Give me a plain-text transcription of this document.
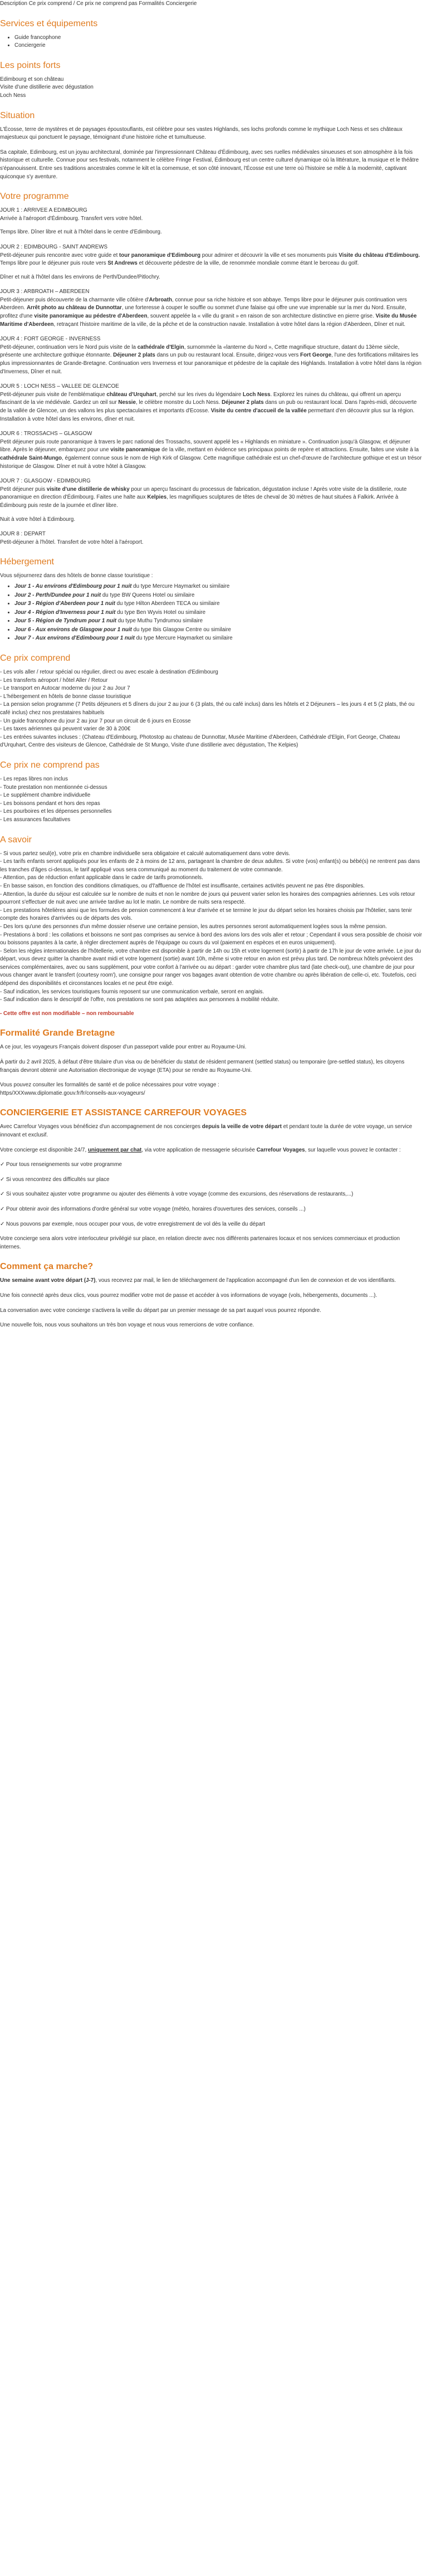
Description Ce prix comprend / Ce prix ne comprend pas Formalités Conciergerie

Services et équipements
• Guide francophone
• Conciergerie
Les points forts

Edimbourg et son château
Visite d'une distillerie avec dégustation
Loch Ness

Situation

L'Écosse, terre de mystères et de paysages époustouflants, est célèbre pour ses vastes Highlands, ses lochs profonds comme le mythique Loch Ness et ses châteaux majestueux qui ponctuent le paysage, témoignant d'une histoire riche et tumultueuse.

Sa capitale, Edimbourg, est un joyau architectural, dominée par l'impressionnant Château d'Édimbourg, avec ses ruelles médiévales sinueuses et son atmosphère à la fois historique et culturelle. Connue pour ses festivals, notamment le célèbre Fringe Festival, Édimbourg est un centre culturel dynamique où la littérature, la musique et le théâtre s'épanouissent. Entre ses traditions ancestrales comme le kilt et la cornemuse, et son côté innovant, l'Écosse est une terre où l'histoire se mêle à la modernité, captivant quiconque s'y aventure.

Votre programme
JOUR 1 : ARRIVEE A EDIMBOURG

Arrivée à l'aéroport d'Édimbourg. Transfert vers votre hôtel.

Temps libre. Dîner libre et nuit à l'hôtel dans le centre d'Edimbourg.

JOUR 2 : EDIMBOURG - SAINT ANDREWS

Petit-déjeuner puis rencontre avec votre guide et tour panoramique d'Edimbourg pour admirer et découvrir la ville et ses monuments puis Visite du château d'Edimbourg. Temps libre pour le déjeuner puis route vers St Andrews et découverte pédestre de la ville, de renommée mondiale comme étant le berceau du golf.

Dîner et nuit à l'hôtel dans les environs de Perth/Dundee/Pitlochry.

JOUR 3 : ARBROATH – ABERDEEN

Petit-déjeuner puis découverte de la charmante ville côtière d'Arbroath, connue pour sa riche histoire et son abbaye. Temps libre pour le déjeuner puis continuation vers Aberdeen. Arrêt photo au château de Dunnottar, une forteresse à couper le souffle ou sommet d'une falaise qui offre une vue imprenable sur la mer du Nord. Ensuite, profitez d'une visite panoramique au pédestre d'Aberdeen, souvent appelée la « ville du granit » en raison de son architecture distinctive en pierre grise. Visite du Musée Maritime d'Aberdeen, retraçant l'histoire maritime de la ville, de la pêche et de la construction navale. Installation à votre hôtel dans la région d'Aberdeen, Dîner et nuit.

JOUR 4 : FORT GEORGE - INVERNESS

Petit-déjeuner, continuation vers le Nord puis visite de la cathédrale d'Elgin, surnommée la «lanterne du Nord », Cette magnifique structure, datant du 13ème siècle, présente une architecture gothique étonnante. Déjeuner 2 plats dans un pub ou restaurant local. Ensuite, dirigez-vous vers Fort George, l'une des fortifications militaires les plus impressionnantes de Grande-Bretagne. Continuation vers Inverness et tour panoramique et pédestre de la capitale des Highlands. Installation à votre hôtel dans la région d'Inverness, Dîner et nuit.

JOUR 5 : LOCH NESS – VALLEE DE GLENCOE

Petit-déjeuner puis visite de l'emblématique château d'Urquhart, perché sur les rives du légendaire Loch Ness. Explorez les ruines du château, qui offrent un aperçu fascinant de la vie médiévale. Gardez un œil sur Nessie, le célèbre monstre du Loch Ness. Déjeuner 2 plats dans un pub ou restaurant local. Dans l'après-midi, découverte de la vallée de Glencoe, un des vallons les plus spectaculaires et importants d'Ecosse. Visite du centre d'accueil de la vallée permettant d'en découvrir plus sur la région. Installation à votre hôtel dans les environs, dîner et nuit.

JOUR 6 : TROSSACHS – GLASGOW

Petit déjeuner puis route panoramique à travers le parc national des Trossachs, souvent appelé les « Highlands en miniature ». Continuation jusqu'à Glasgow, et déjeuner libre. Après le déjeuner, embarquez pour une visite panoramique de la ville, mettant en évidence ses principaux points de repère et attractions. Ensuite, faites une visite à la cathédrale Saint-Mungo, également connue sous le nom de High Kirk of Glasgow. Cette magnifique cathédrale est un chef-d'œuvre de l'architecture gothique et est un trésor historique de Glasgow. Dîner et nuit à votre hôtel à Glasgow.

JOUR 7 : GLASGOW - EDIMBOURG

Petit déjeuner puis visite d'une distillerie de whisky pour un aperçu fascinant du processus de fabrication, dégustation incluse ! Après votre visite de la distillerie, route panoramique en direction d'Édimbourg. Faites une halte aux Kelpies, les magnifiques sculptures de têtes de cheval de 30 mètres de haut situées à Falkirk. Arrivée à Édimbourg puis reste de la journée et dîner libre.

Nuit à votre hôtel à Edimbourg.

JOUR 8 : DEPART

Petit-déjeuner à l'hôtel. Transfert de votre hôtel à l'aéroport.

Hébergement

Vous séjournerez dans des hôtels de bonne classe touristique :

• Jour 1 - Au environs d'Edimbourg pour 1 nuit du type Mercure Haymarket ou similaire
• Jour 2 - Perth/Dundee pour 1 nuit du type BW Queens Hotel ou similaire
• Jour 3 - Région d'Aberdeen pour 1 nuit du type Hilton Aberdeen TECA ou similaire
• Jour 4 - Région d'Inverness pour 1 nuit du type Ben Wyvis Hotel ou similaire
• Jour 5 - Région de Tyndrum pour 1 nuit du type Muthu Tyndrumou similaire
• Jour 6 - Aux environs de Glasgow pour 1 nuit du type Ibis Glasgow Centre ou similaire
• Jour 7 - Aux environs d'Edimbourg pour 1 nuit du type Mercure Haymarket ou similaire
Ce prix comprend
- Les vols aller / retour spécial ou régulier, direct ou avec escale à destination d'Edimbourg
- Les transferts aéroport / hôtel Aller / Retour
- Le transport en Autocar moderne du jour 2 au Jour 7
- L'hébergement en hôtels de bonne classe touristique
- La pension selon programme (7 Petits déjeuners et 5 dîners du jour 2 au jour 6 (3 plats, thé ou café inclus) dans les hôtels et 2 Déjeuners – les jours 4 et 5 (2 plats, thé ou café inclus) chez nos prestataires habituels
- Un guide francophone du jour 2 au jour 7 pour un circuit de 6 jours en Ecosse
- Les taxes aériennes qui peuvent varier de 30 à 200€
- Les entrées suivantes incluses : (Chateau d'Edimbourg, Photostop au chateau de Dunnottar, Musée Maritime d'Aberdeen, Cathédrale d'Elgin, Fort George, Chateau d'Urquhart, Centre des visiteurs de Glencoe, Cathédrale de St Mungo, Visite d'une distillerie avec dégustation, The Kelpies)
Ce prix ne comprend pas
- Les repas libres non inclus
- Toute prestation non mentionnée ci-dessus
- Le supplément chambre individuelle
- Les boissons pendant et hors des repas
- Les pourboires et les dépenses personnelles
- Les assurances facultatives
A savoir
- Si vous partez seul(e), votre prix en chambre individuelle sera obligatoire et calculé automatiquement dans votre devis.
- Les tarifs enfants seront appliqués pour les enfants de 2 à moins de 12 ans, partageant la chambre de deux adultes. Si votre (vos) enfant(s) ou bébé(s) ne rentrent pas dans les tranches d'âges ci-dessus, le tarif appliqué vous sera communiqué au moment du traitement de votre commande.
- Attention, pas de réduction enfant applicable dans le cadre de tarifs promotionnels.
- En basse saison, en fonction des conditions climatiques, ou d'l'affluence de l'hôtel est insuffisante, certaines activités peuvent ne pas être disponibles.
- Attention, la durée du séjour est calculée sur le nombre de nuits et non le nombre de jours qui peuvent varier selon les horaires des compagnies aériennes. Les vols retour pourront s'effectuer de nuit avec une arrivée tardive au lot le matin. Le nombre de nuits sera respecté.
- Les prestations hôtelières ainsi que les formules de pension commencent à leur d'arrivée et se termine le jour du départ selon les horaires choisis par l'hôtelier, sans tenir compte des horaires d'arrivées ou de départs des vols.
- Des lors qu'une des personnes d'un même dossier réserve une certaine pension, les autres personnes seront automatiquement logées sous la même pension.
- Prestations à bord : les collations et boissons ne sont pas comprises au service à bord des avions lors des vols aller et retour ; Cependant il vous sera possible de choisir voir ou boissons payantes à la carte, à régler directement auprès de l'équipage ou cours du vol (paiement en espèces et en euros uniquement).
- Selon les règles internationales de l'hôtellerie, votre chambre est disponible à partir de 14h ou 15h et votre logement (sortir) à partir de 17h le jour de votre arrivée. Le jour du départ, vous devez quitter la chambre avant midi et votre logement (sortie) avant 10h, même si votre retour en avion est prévu plus tard. De nombreux hôtels prévoient des services complémentaires, avec ou sans supplément, pour votre confort à l'arrivée ou au départ : garder votre chambre plus tard (late check-out), une chambre de jour pour vous changer avant le transfert (courtesy room'), une consigne pour ranger vos bagages avant obtention de votre chambre ou après libération de celle-ci, etc. Toutefois, ceci dépend des disponibilités et circonstances locales et ne peut être exigé.
- Sauf indication, les services touristiques fournis reposent sur une communication verbale, seront en anglais.
- Sauf indication dans le descriptif de l'offre, nos prestations ne sont pas adaptées aux personnes à mobilité réduite.

- Cette offre est non modifiable – non remboursable

Formalité Grande Bretagne

A ce jour, les voyageurs Français doivent disposer d'un passeport valide pour entrer au Royaume-Uni.

À partir du 2 avril 2025, à défaut d'être titulaire d'un visa ou de bénéficier du statut de résident permanent (settled status) ou temporaire (pre-settled status), les citoyens français devront obtenir une Autorisation électronique de voyage (ETA) pour se rendre au Royaume-Uni.

Vous pouvez consulter les formalités de santé et de police nécessaires pour votre voyage :
https/XXXwww.diplomatie.gouv.fr/fr/conseils-aux-voyageurs/

CONCIERGERIE ET ASSISTANCE CARREFOUR VOYAGES

Avec Carrefour Voyages vous bénéficiez d'un accompagnement de nos concierges depuis la veille de votre départ et pendant toute la durée de votre voyage, un service innovant et exclusif.

Votre concierge est disponible 24/7, uniquement par chat, via votre application de messagerie sécurisée Carrefour Voyages, sur laquelle vous pouvez le contacter :

✓ Pour tous renseignements sur votre programme

✓ Si vous rencontrez des difficultés sur place

✓ Si vous souhaitez ajuster votre programme ou ajouter des éléments à votre voyage (comme des excursions, des réservations de restaurants,...)

✓ Pour obtenir avoir des informations d'ordre général sur votre voyage (météo, horaires d'ouvertures des services, conseils ...)

✓ Nous pouvons par exemple, nous occuper pour vous, de votre enregistrement de vol dès la veille du départ

Votre concierge sera alors votre interlocuteur privilégié sur place, en relation directe avec nos différents partenaires locaux et nos services commerciaux et production internes.

Comment ça marche?

Une semaine avant votre départ (J-7), vous recevrez par mail, le lien de téléchargement de l'application accompagné d'un lien de connexion et de vos identifiants.

Une fois connecté après deux clics, vous pourrez modifier votre mot de passe et accéder à vos informations de voyage (vols, hébergements, documents ...).

La conversation avec votre concierge s'activera la veille du départ par un premier message de sa part auquel vous pourrez répondre.

Une nouvelle fois, nous vous souhaitons un très bon voyage et nous vous remercions de votre confiance.
